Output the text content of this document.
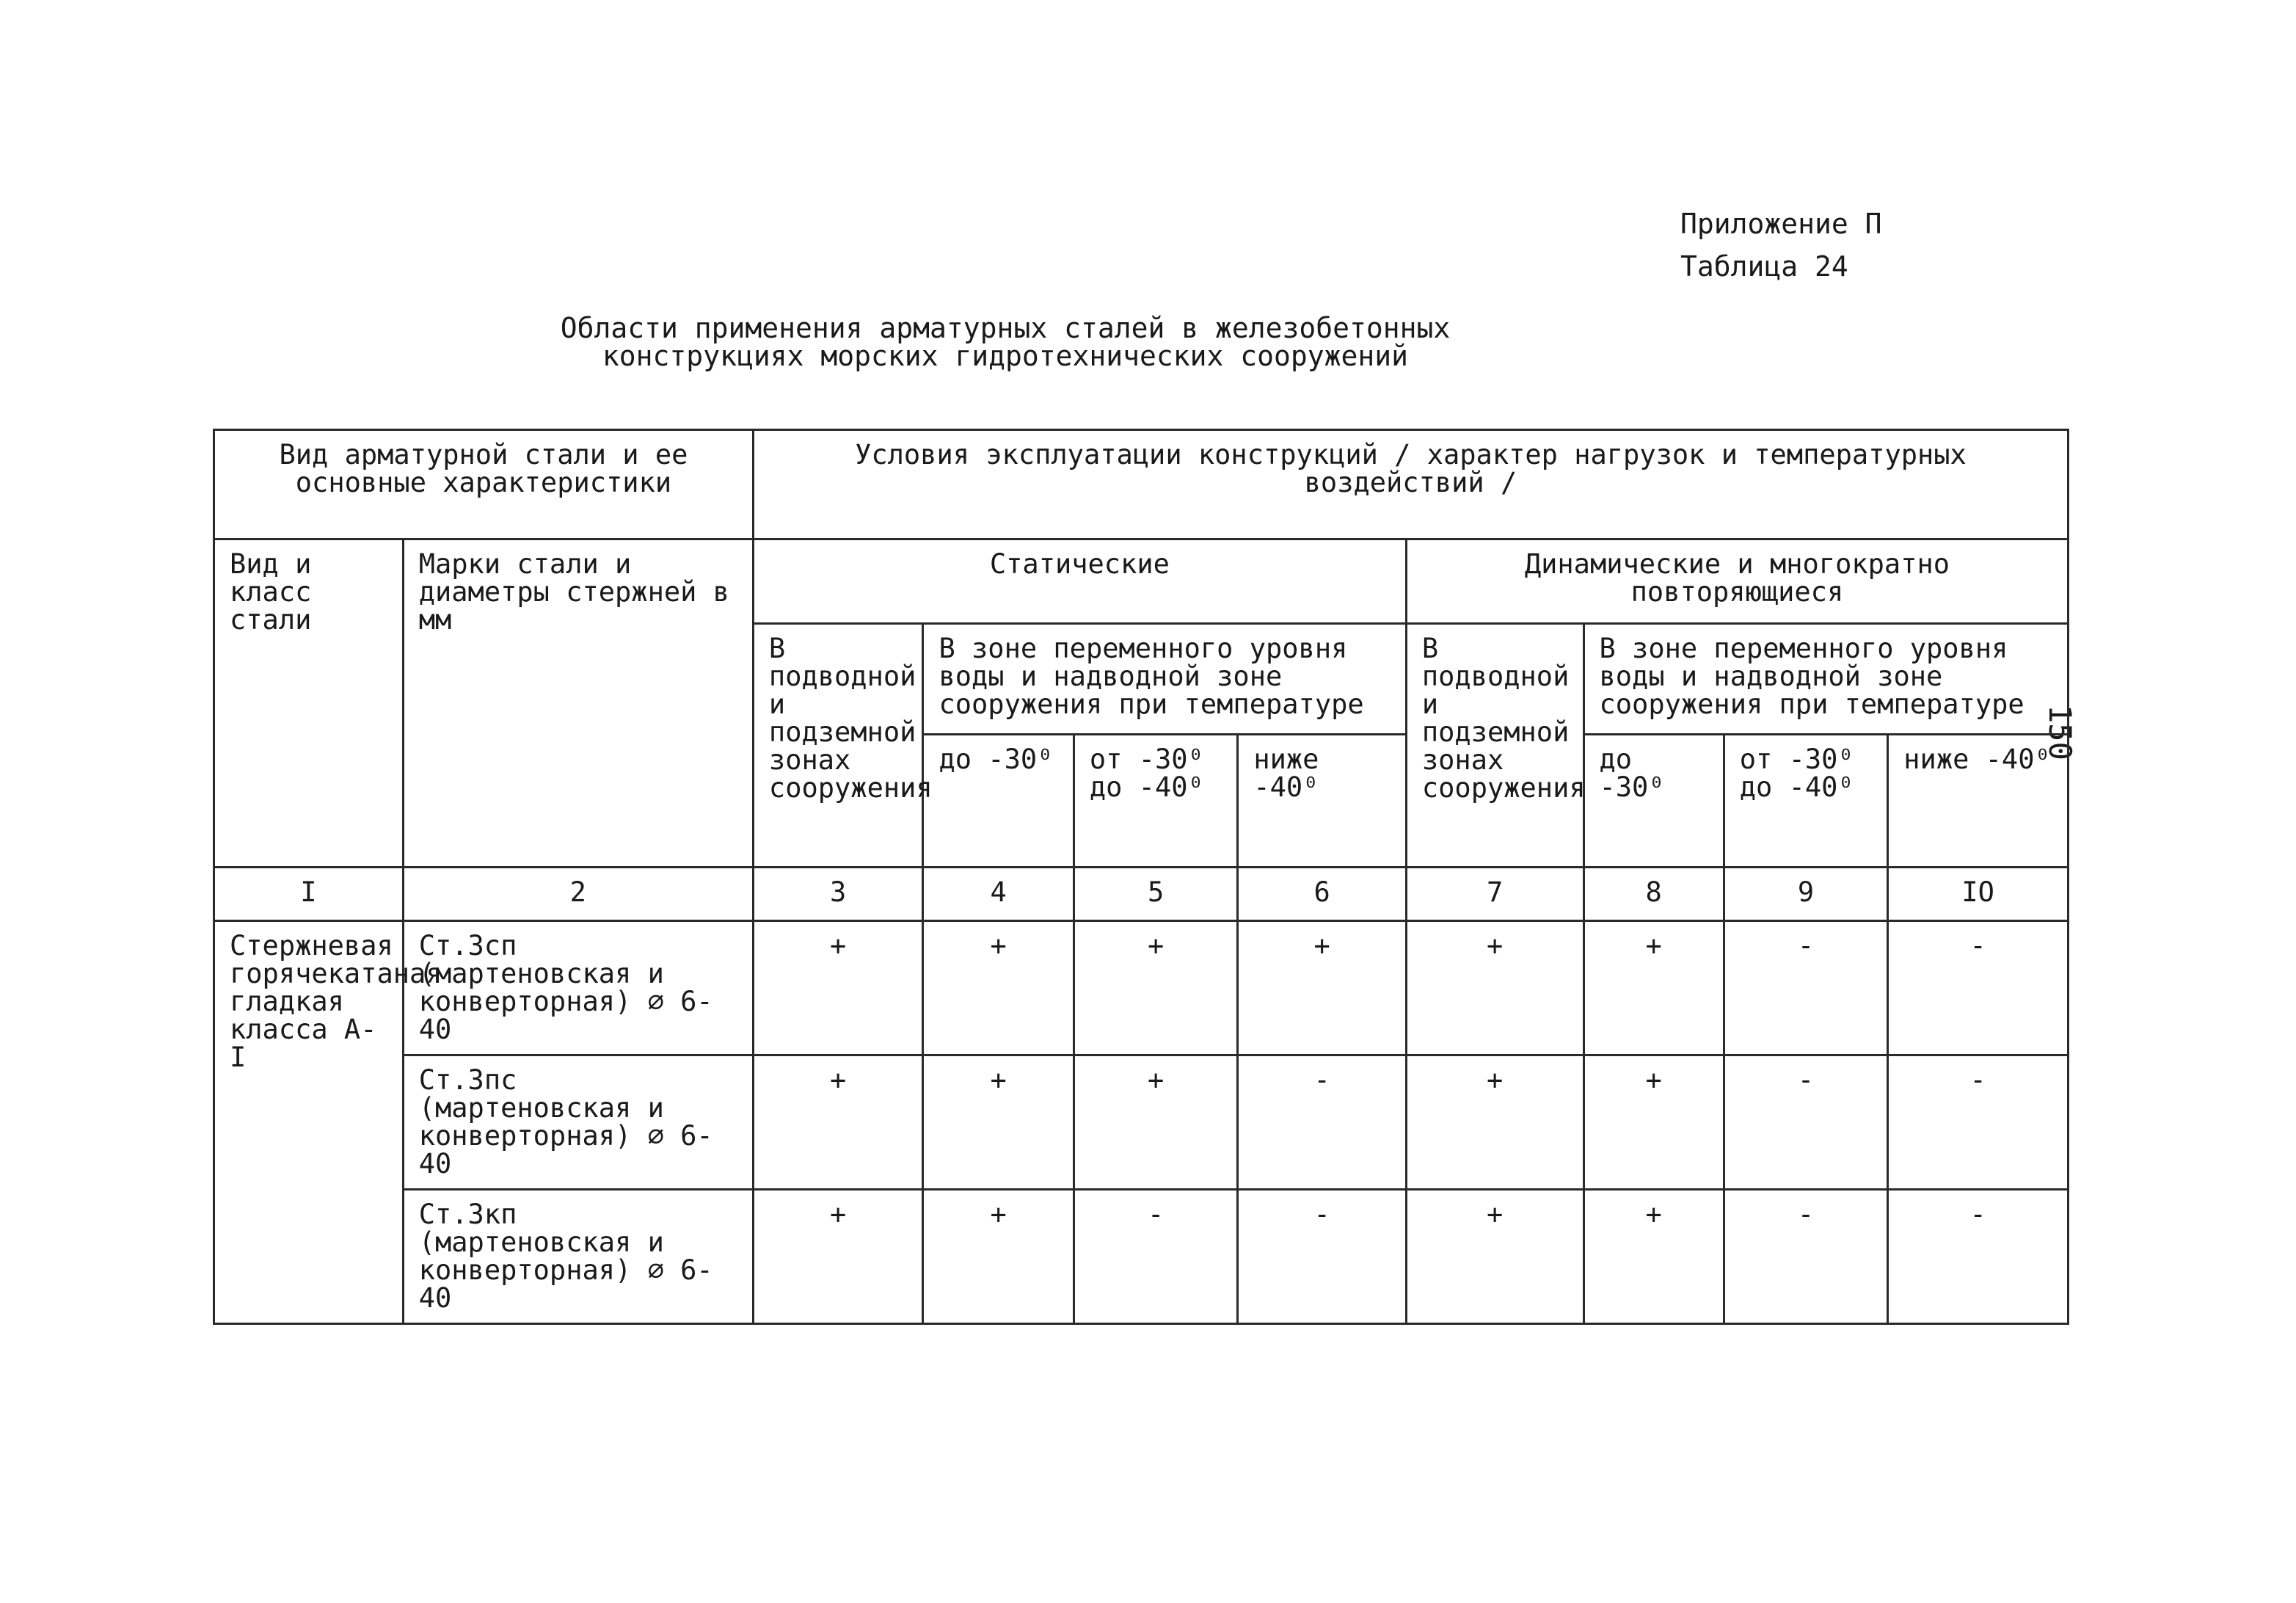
Приложение П
Таблица 24
Области применения арматурных сталей в железобетонных
конструкциях морских гидротехнических сооружений
150
Вид арматурной стали и ее основные характеристики		Условия эксплуатации конструкций / характер нагрузок и температурных воздействий /							
Вид и класс стали	Марки стали и диаметры стержней в мм	Статические				Динамические и многократно повторяющиеся			
		В подводной и подземной зонах сооружения	В зоне переменного уровня воды и надводной зоне сооружения при температуре			В подводной и подземной зонах сооружения	В зоне переменного уровня воды и надводной зоне сооружения при температуре		
			до -30⁰	от -30⁰ до -40⁰	ниже -40⁰		до -30⁰	от -30⁰ до -40⁰	ниже -40⁰
I	2	3	4	5	6	7	8	9	IO
Стержневая горячекатаная гладкая класса А-I	Ст.3сп (мартеновская и конверторная) ∅ 6-40	+	+	+	+	+	+	-	-
	Ст.3пс (мартеновская и конверторная) ∅ 6-40	+	+	+	-	+	+	-	-
	Ст.3кп (мартеновская и конверторная) ∅ 6-40	+	+	-	-	+	+	-	-
